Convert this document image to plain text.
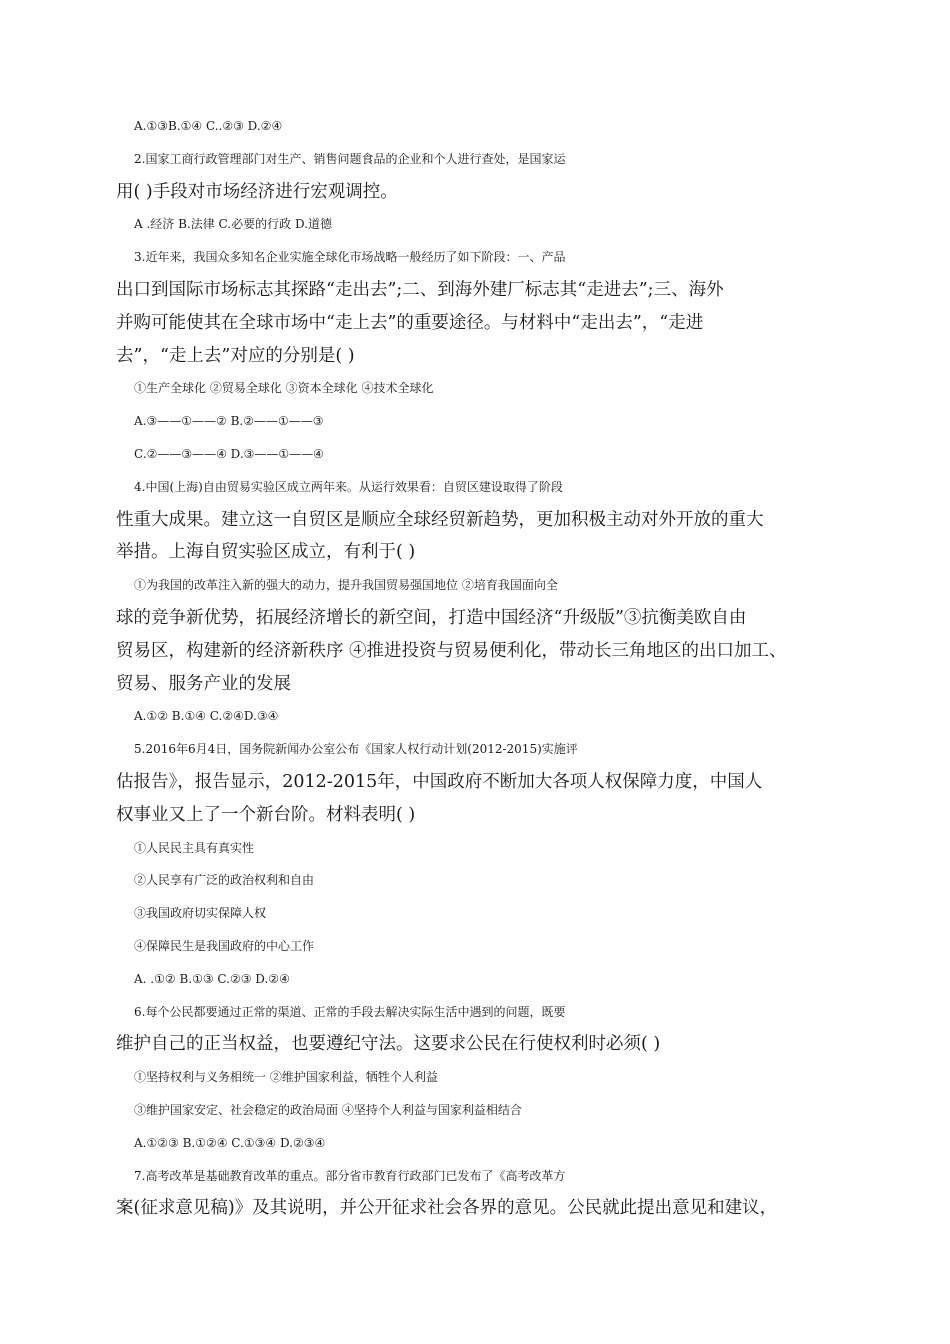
A.①③B.①④ C..②③ D.②④
2.国家工商行政管理部门对生产、销售问题食品的企业和个人进行查处，是国家运
用( )手段对市场经济进行宏观调控。
A .经济 B.法律 C.必要的行政 D.道德
3.近年来，我国众多知名企业实施全球化市场战略一般经历了如下阶段：一、产品
出口到国际市场标志其探路“走出去”;二、到海外建厂标志其“走进去”;三、海外
并购可能使其在全球市场中“走上去”的重要途径。与材料中“走出去”，“走进
去”，“走上去”对应的分别是( )
①生产全球化 ②贸易全球化 ③资本全球化 ④技术全球化
A.③——①——② B.②——①——③
C.②——③——④ D.③——①——④
4.中国(上海)自由贸易实验区成立两年来。从运行效果看：自贸区建设取得了阶段
性重大成果。建立这一自贸区是顺应全球经贸新趋势，更加积极主动对外开放的重大
举措。上海自贸实验区成立，有利于( )
①为我国的改革注入新的强大的动力，提升我国贸易强国地位 ②培育我国面向全
球的竞争新优势，拓展经济增长的新空间，打造中国经济“升级版”③抗衡美欧自由
贸易区，构建新的经济新秩序 ④推进投资与贸易便利化，带动长三角地区的出口加工、
贸易、服务产业的发展
A.①② B.①④ C.②④D.③④
5.2016年6月4日，国务院新闻办公室公布《国家人权行动计划(2012-2015)实施评
估报告》，报告显示，2012-2015年，中国政府不断加大各项人权保障力度，中国人
权事业又上了一个新台阶。材料表明( )
①人民民主具有真实性
②人民享有广泛的政治权利和自由
③我国政府切实保障人权
④保障民生是我国政府的中心工作
A. .①② B.①③ C.②③ D.②④
6.每个公民都要通过正常的渠道、正常的手段去解决实际生活中遇到的问题，既要
维护自己的正当权益，也要遵纪守法。这要求公民在行使权利时必须( )
①坚持权利与义务相统一 ②维护国家利益，牺牲个人利益
③维护国家安定、社会稳定的政治局面 ④坚持个人利益与国家利益相结合
A.①②③ B.①②④ C.①③④ D.②③④
7.高考改革是基础教育改革的重点。部分省市教育行政部门已发布了《高考改革方
案(征求意见稿)》及其说明，并公开征求社会各界的意见。公民就此提出意见和建议，
